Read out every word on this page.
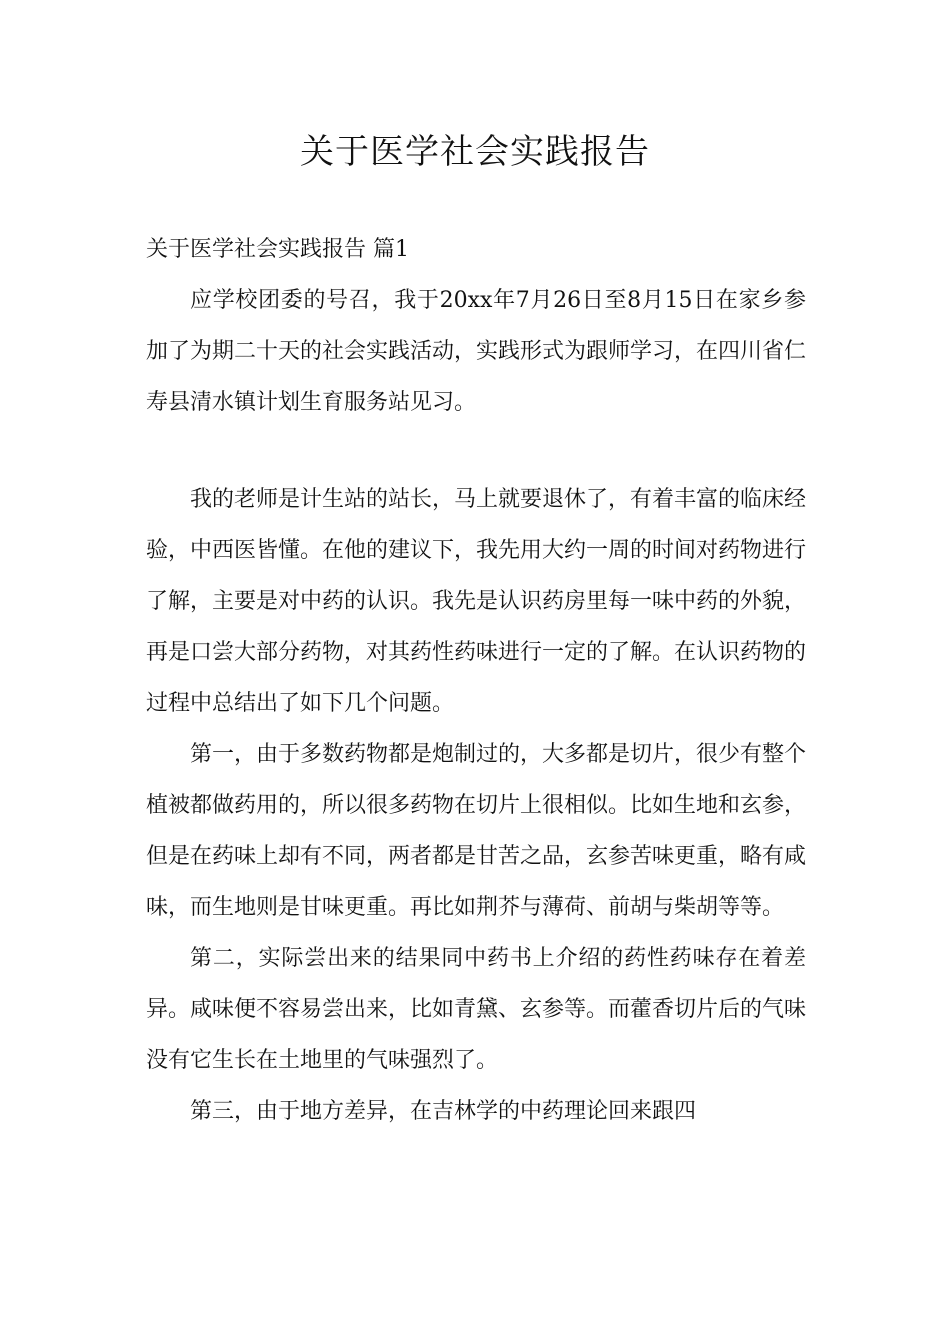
关于医学社会实践报告

关于医学社会实践报告 篇1

应学校团委的号召，我于20xx年7月26日至8月15日在家乡参加了为期二十天的社会实践活动，实践形式为跟师学习，在四川省仁寿县清水镇计划生育服务站见习。

我的老师是计生站的站长，马上就要退休了，有着丰富的临床经验，中西医皆懂。在他的建议下，我先用大约一周的时间对药物进行了解，主要是对中药的认识。我先是认识药房里每一味中药的外貌，再是口尝大部分药物，对其药性药味进行一定的了解。在认识药物的过程中总结出了如下几个问题。

第一，由于多数药物都是炮制过的，大多都是切片，很少有整个植被都做药用的，所以很多药物在切片上很相似。比如生地和玄参，但是在药味上却有不同，两者都是甘苦之品，玄参苦味更重，略有咸味，而生地则是甘味更重。再比如荆芥与薄荷、前胡与柴胡等等。

第二，实际尝出来的结果同中药书上介绍的药性药味存在着差异。咸味便不容易尝出来，比如青黛、玄参等。而藿香切片后的气味没有它生长在土地里的气味强烈了。

第三，由于地方差异，在吉林学的中药理论回来跟四
